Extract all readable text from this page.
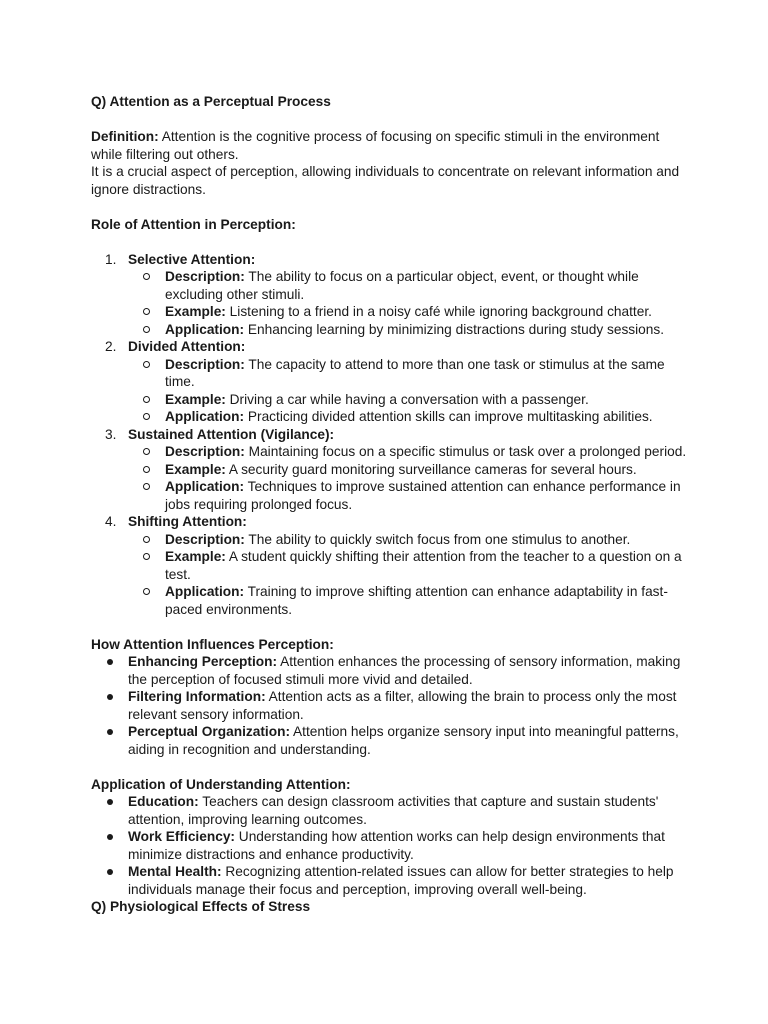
Q) Attention as a Perceptual Process

Definition: Attention is the cognitive process of focusing on specific stimuli in the environment while filtering out others.

It is a crucial aspect of perception, allowing individuals to concentrate on relevant information and ignore distractions.

Role of Attention in Perception:

1. Selective Attention:
Description: The ability to focus on a particular object, event, or thought while excluding other stimuli.
Example: Listening to a friend in a noisy café while ignoring background chatter.
Application: Enhancing learning by minimizing distractions during study sessions.
2. Divided Attention:
Description: The capacity to attend to more than one task or stimulus at the same time.
Example: Driving a car while having a conversation with a passenger.
Application: Practicing divided attention skills can improve multitasking abilities.
3. Sustained Attention (Vigilance):
Description: Maintaining focus on a specific stimulus or task over a prolonged period.
Example: A security guard monitoring surveillance cameras for several hours.
Application: Techniques to improve sustained attention can enhance performance in jobs requiring prolonged focus.
4. Shifting Attention:
Description: The ability to quickly switch focus from one stimulus to another.
Example: A student quickly shifting their attention from the teacher to a question on a test.
Application: Training to improve shifting attention can enhance adaptability in fast-paced environments.

How Attention Influences Perception:

Enhancing Perception: Attention enhances the processing of sensory information, making the perception of focused stimuli more vivid and detailed.
Filtering Information: Attention acts as a filter, allowing the brain to process only the most relevant sensory information.
Perceptual Organization: Attention helps organize sensory input into meaningful patterns, aiding in recognition and understanding.

Application of Understanding Attention:

Education: Teachers can design classroom activities that capture and sustain students' attention, improving learning outcomes.
Work Efficiency: Understanding how attention works can help design environments that minimize distractions and enhance productivity.
Mental Health: Recognizing attention-related issues can allow for better strategies to help individuals manage their focus and perception, improving overall well-being.

Q) Physiological Effects of Stress
